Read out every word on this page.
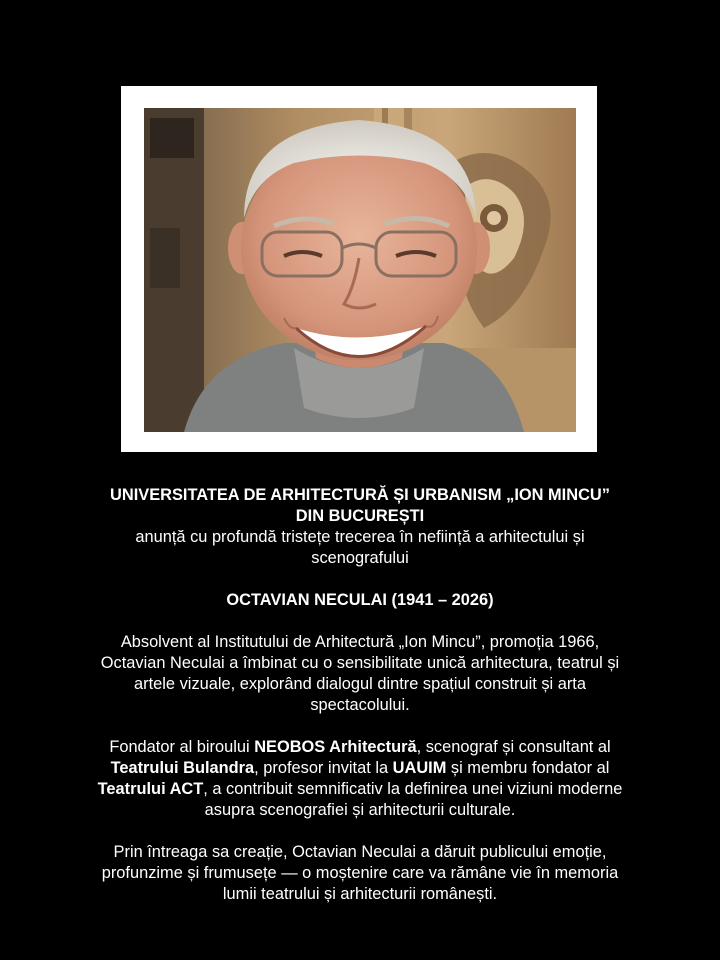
UNIVERSITATEA DE ARHITECTURĂ ȘI URBANISM „ION MINCU”

DIN BUCUREȘTI

anunță cu profundă tristețe trecerea în neființă a arhitectului și

scenografului

OCTAVIAN NECULAI (1941 – 2026)

Absolvent al Institutului de Arhitectură „Ion Mincu”, promoția 1966,

Octavian Neculai a îmbinat cu o sensibilitate unică arhitectura, teatrul și

artele vizuale, explorând dialogul dintre spațiul construit și arta

spectacolului.

Fondator al biroului NEOBOS Arhitectură, scenograf și consultant al

Teatrului Bulandra, profesor invitat la UAUIM și membru fondator al

Teatrului ACT, a contribuit semnificativ la definirea unei viziuni moderne

asupra scenografiei și arhitecturii culturale.

Prin întreaga sa creație, Octavian Neculai a dăruit publicului emoție,

profunzime și frumusețe — o moștenire care va rămâne vie în memoria

lumii teatrului și arhitecturii românești.
